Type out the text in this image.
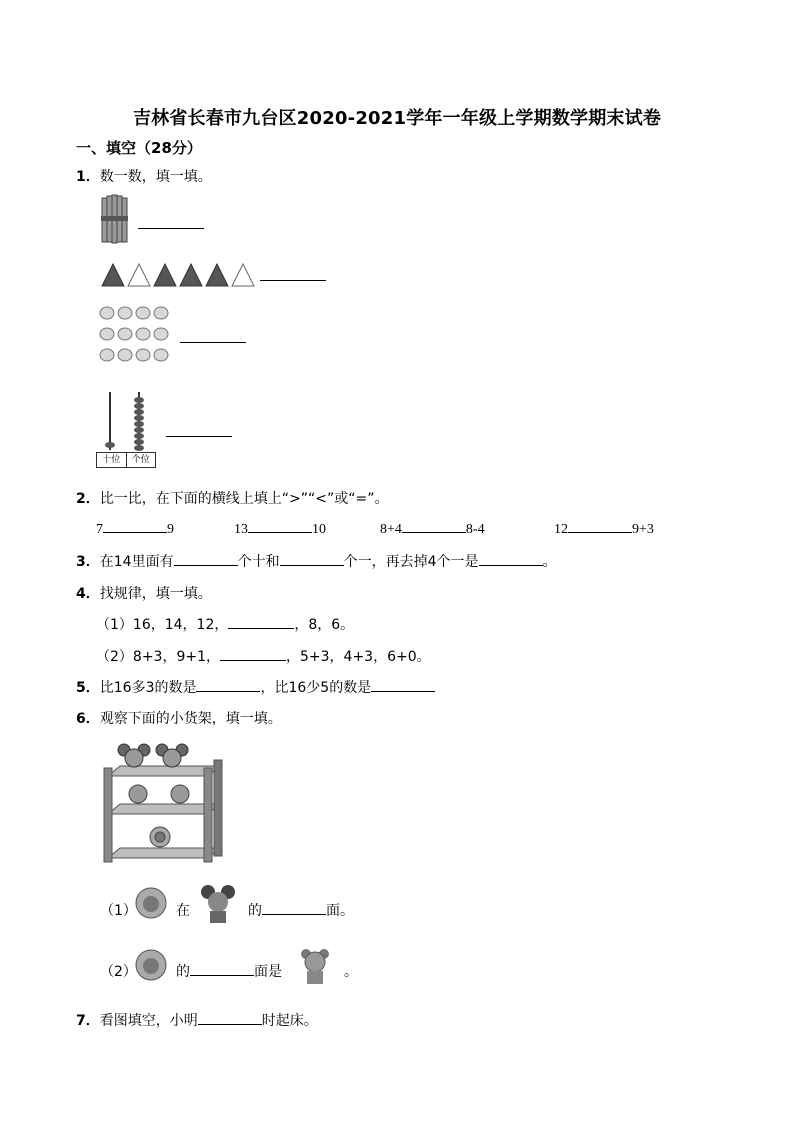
吉林省长春市九台区2020-2021学年一年级上学期数学期末试卷
一、填空（28分）
1．数一数，填一填。
十位	个位
2．比一比，在下面的横线上填上“>”“<”或“=”。
7	9	13	10	8+4	8-4	12	9+3
3．在14里面有	个十和	个一，再去掉4个一是	。
4．找规律，填一填。
（1）16，14，12，	，8，6。
（2）8+3，9+1，	，5+3，4+3，6+0。
5．比16多3的数是	，比16少5的数是
6．观察下面的小货架，填一填。
（1）	在	的	面。
（2）	的	面是	。
7．看图填空，小明	时起床。
